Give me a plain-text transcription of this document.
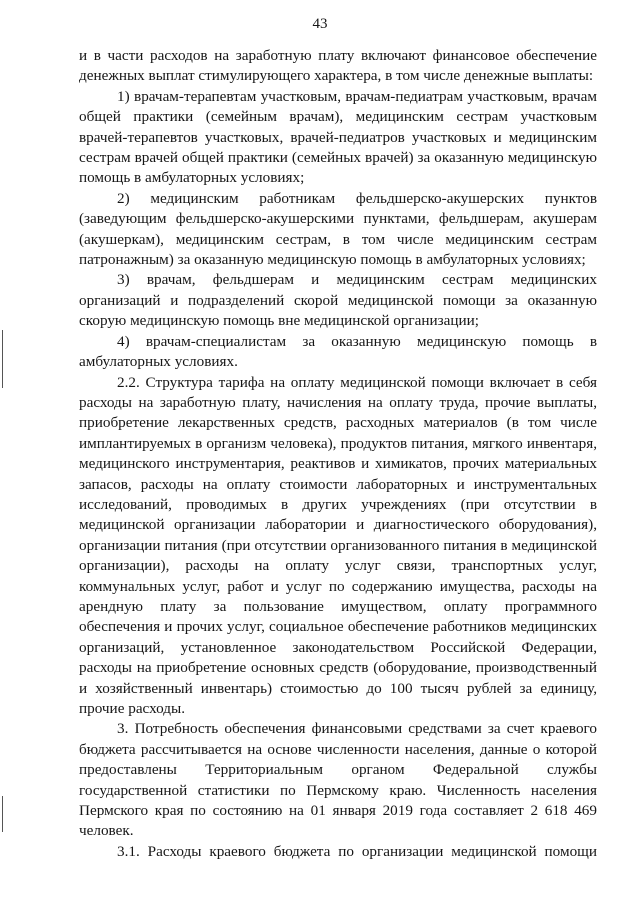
43

и в части расходов на заработную плату включают финансовое обеспечение денежных выплат стимулирующего характера, в том числе денежные выплаты:

1) врачам-терапевтам участковым, врачам-педиатрам участковым, врачам общей практики (семейным врачам), медицинским сестрам участковым врачей-терапевтов участковых, врачей-педиатров участковых и медицинским сестрам врачей общей практики (семейных врачей) за оказанную медицинскую помощь в амбулаторных условиях;

2) медицинским работникам фельдшерско-акушерских пунктов (заведующим фельдшерско-акушерскими пунктами, фельдшерам, акушерам (акушеркам), медицинским сестрам, в том числе медицинским сестрам патронажным) за оказанную медицинскую помощь в амбулаторных условиях;

3) врачам, фельдшерам и медицинским сестрам медицинских организаций и подразделений скорой медицинской помощи за оказанную скорую медицинскую помощь вне медицинской организации;

4) врачам-специалистам за оказанную медицинскую помощь в амбулаторных условиях.

2.2. Структура тарифа на оплату медицинской помощи включает в себя расходы на заработную плату, начисления на оплату труда, прочие выплаты, приобретение лекарственных средств, расходных материалов (в том числе имплантируемых в организм человека), продуктов питания, мягкого инвентаря, медицинского инструментария, реактивов и химикатов, прочих материальных запасов, расходы на оплату стоимости лабораторных и инструментальных исследований, проводимых в других учреждениях (при отсутствии в медицинской организации лаборатории и диагностического оборудования), организации питания (при отсутствии организованного питания в медицинской организации), расходы на оплату услуг связи, транспортных услуг, коммунальных услуг, работ и услуг по содержанию имущества, расходы на арендную плату за пользование имуществом, оплату программного обеспечения и прочих услуг, социальное обеспечение работников медицинских организаций, установленное законодательством Российской Федерации, расходы на приобретение основных средств (оборудование, производственный и хозяйственный инвентарь) стоимостью до 100 тысяч рублей за единицу, прочие расходы.

3. Потребность обеспечения финансовыми средствами за счет краевого бюджета рассчитывается на основе численности населения, данные о которой предоставлены Территориальным органом Федеральной службы государственной статистики по Пермскому краю. Численность населения Пермского края по состоянию на 01 января 2019 года составляет 2 618 469 человек.

3.1. Расходы краевого бюджета по организации медицинской помощи
